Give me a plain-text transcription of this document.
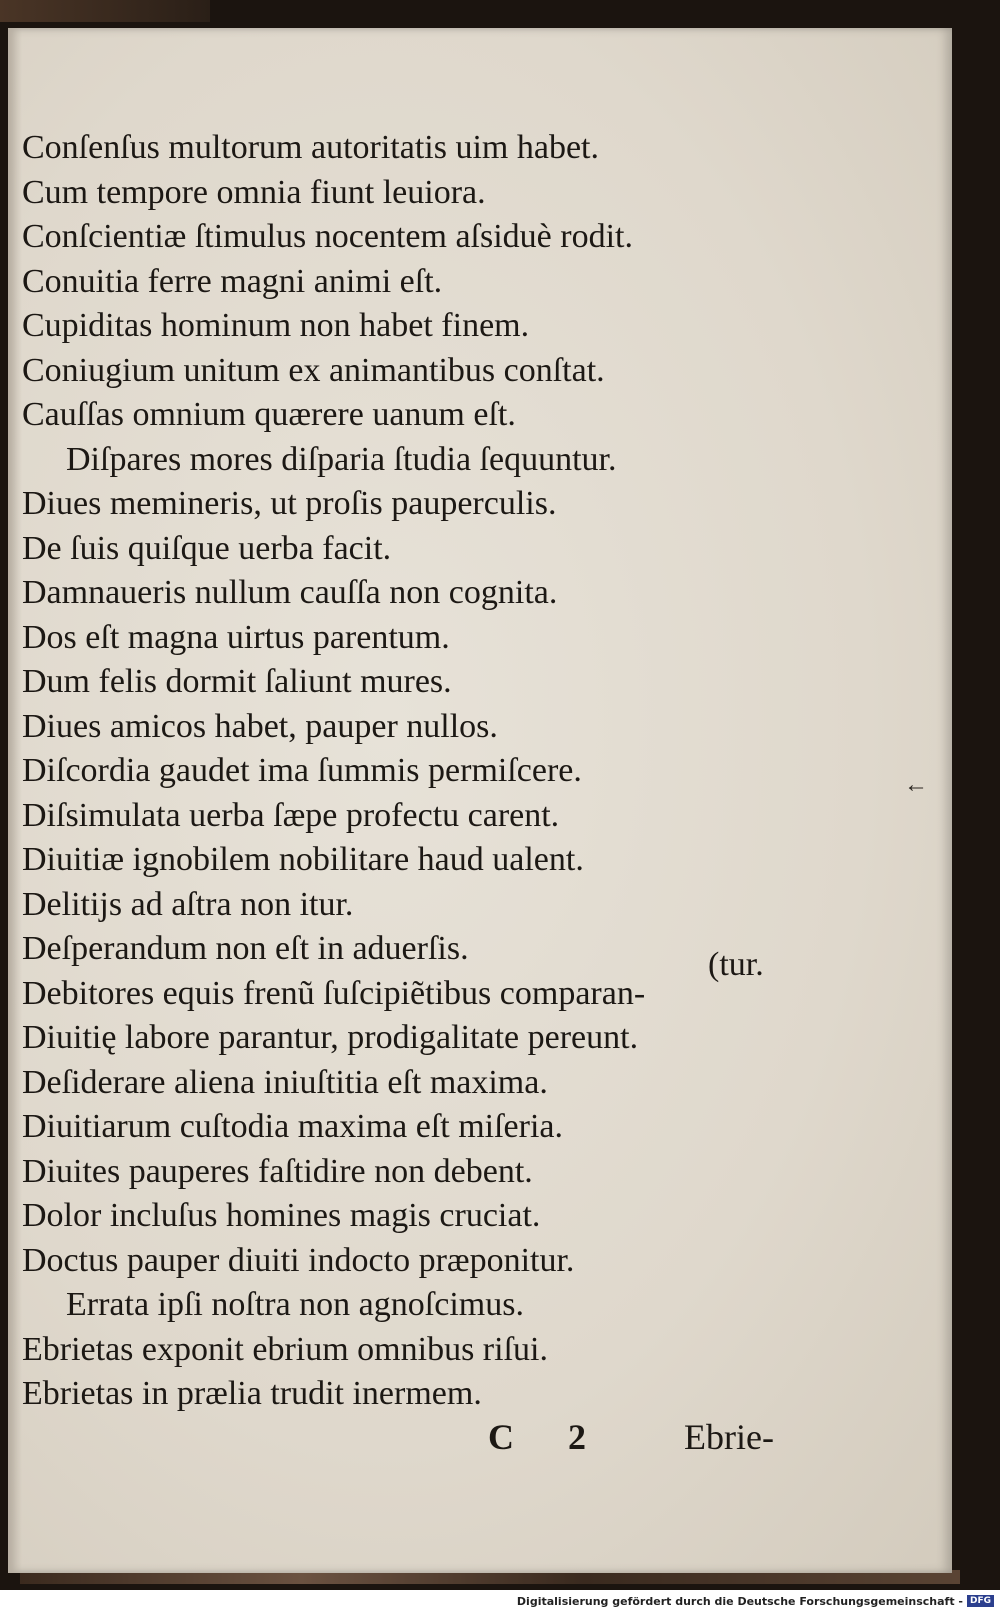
Conſenſus multorum autoritatis uim habet.
Cum tempore omnia fiunt leuiora.
Conſcientiæ ſtimulus nocentem aſsiduè rodit.
Conuitia ferre magni animi eſt.
Cupiditas hominum non habet finem.
Coniugium unitum ex animantibus conſtat.
Cauſſas omnium quærere uanum eſt.
Diſpares mores diſparia ſtudia ſequuntur.
Diues memineris, ut proſis pauperculis.
De ſuis quiſque uerba facit.
Damnaueris nullum cauſſa non cognita.
Dos eſt magna uirtus parentum.
Dum felis dormit ſaliunt mures.
Diues amicos habet, pauper nullos.
Diſcordia gaudet ima ſummis permiſcere.
Diſsimulata uerba ſæpe profectu carent.
Diuitiæ ignobilem nobilitare haud ualent.
Delitijs ad aſtra non itur.
Deſperandum non eſt in aduerſis.
Debitores equis frenũ ſuſcipiẽtibus comparan-
Diuitię labore parantur, prodigalitate pereunt.
Deſiderare aliena iniuſtitia eſt maxima.
Diuitiarum cuſtodia maxima eſt miſeria.
Diuites pauperes faſtidire non debent.
Dolor incluſus homines magis cruciat.
Doctus pauper diuiti indocto præponitur.
Errata ipſi noſtra non agnoſcimus.
Ebrietas exponit ebrium omnibus riſui.
Ebrietas in prælia trudit inermem.
(tur.
←
C 2	Ebrie-
Digitalisierung gefördert durch die Deutsche Forschungsgemeinschaft - DFG
